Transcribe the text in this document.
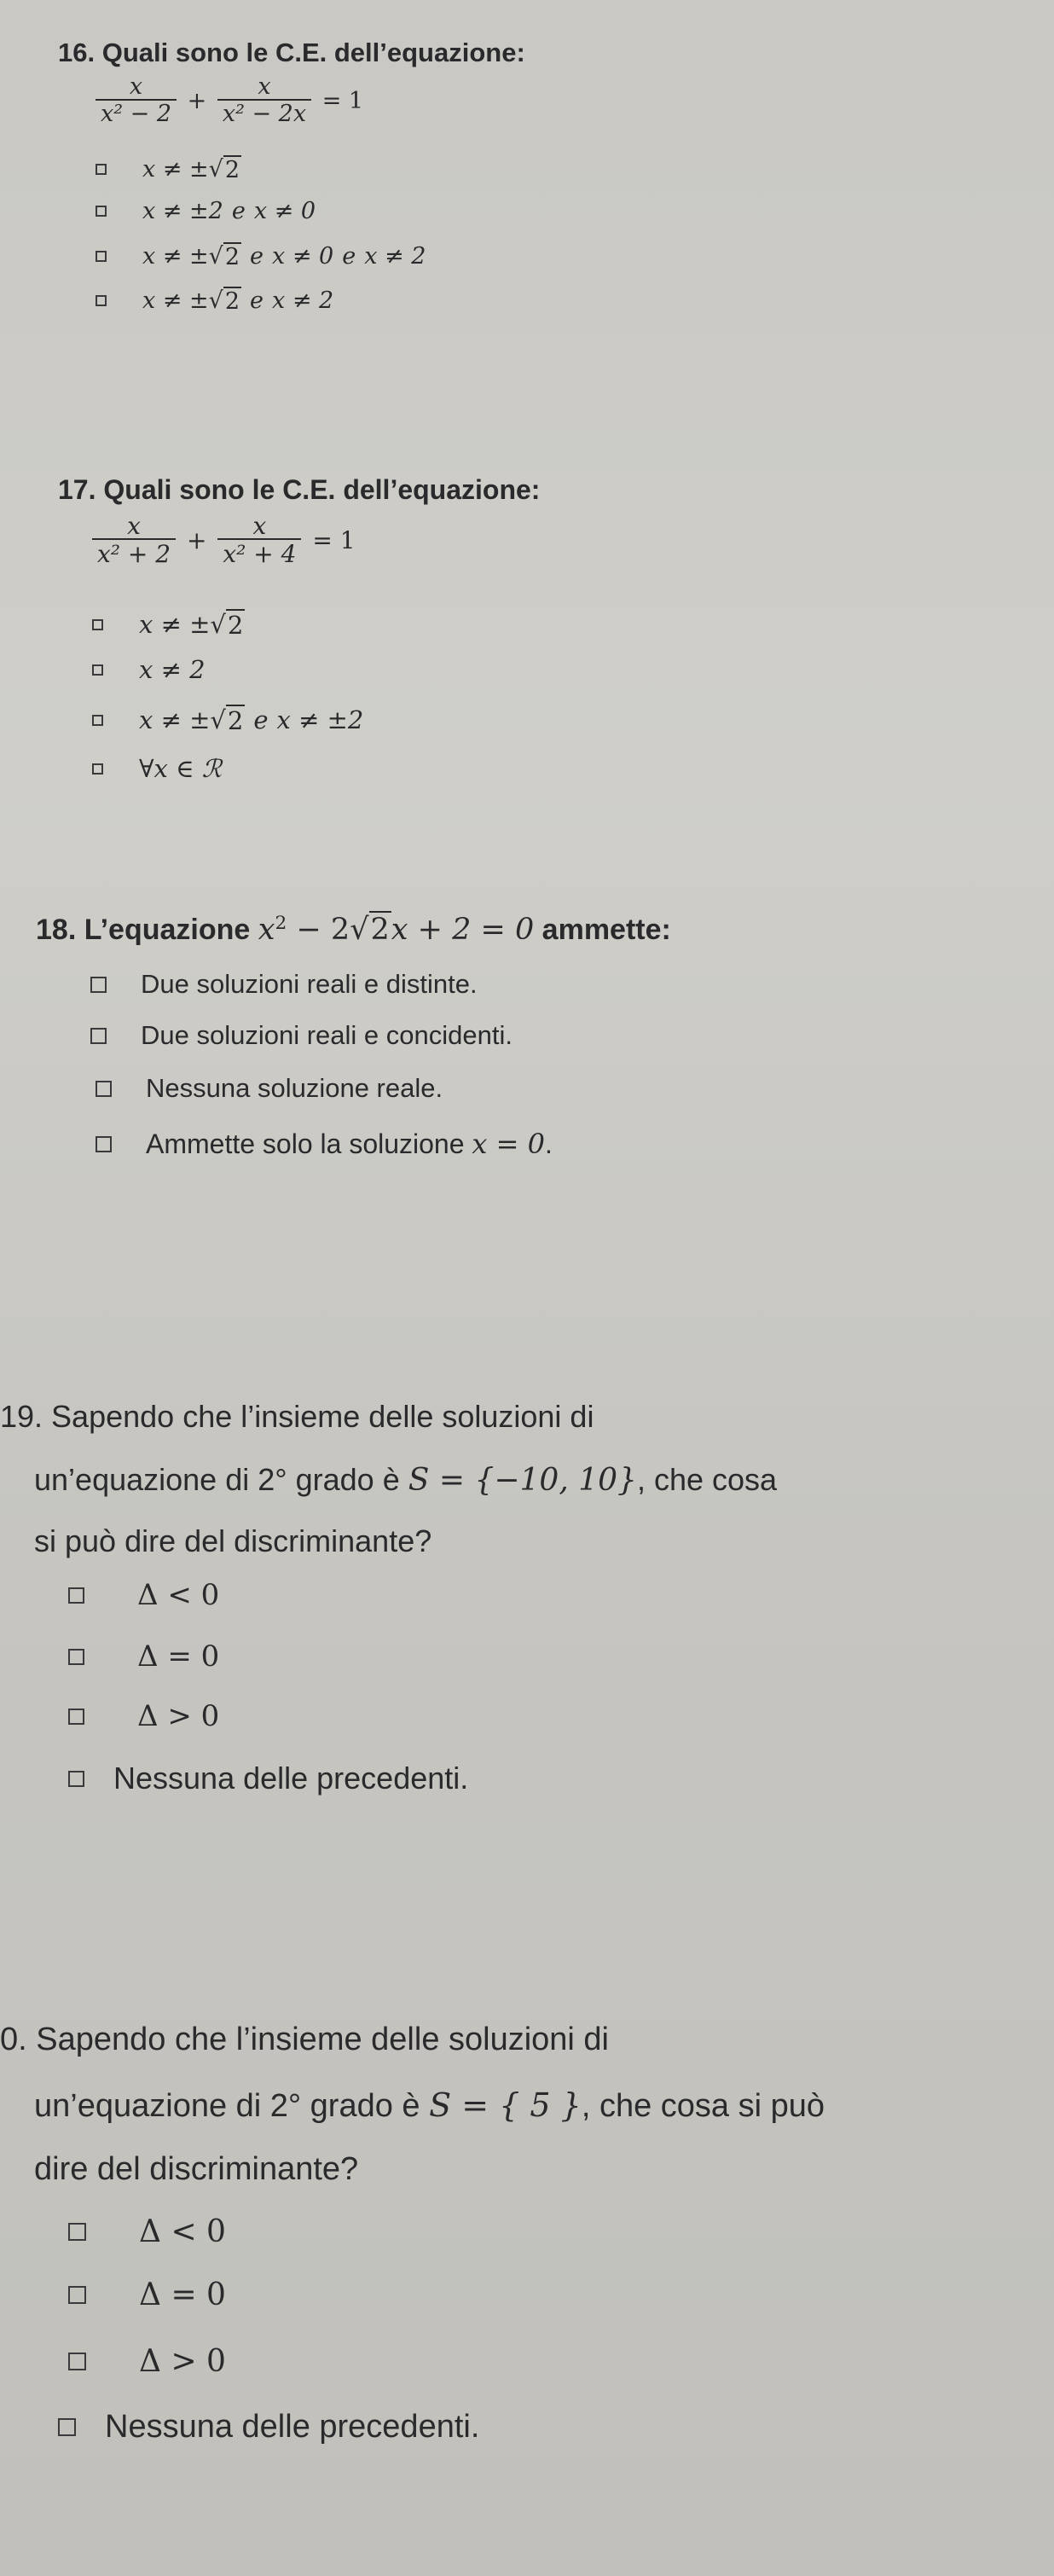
16. Quali sono le C.E. dell’equazione:
$\frac{x}{\text{x² − 2}} + \frac{x}{\text{x² − 2x}} = 1$
x ≠ ± √ 2
x ≠ ±2 e x ≠ 0
x ≠ ± √ 2 e x ≠ 0 e x ≠ 2
x ≠ ± √ 2 e x ≠ 2
17. Quali sono le C.E. dell’equazione:
$\frac{x}{\text{x² + 2}} + \frac{x}{\text{x² + 4}} = 1$
x ≠ ± √ 2
x ≠ 2
x ≠ ± √ 2 e x ≠ ±2
∀x ∈ ℛ
18. L’equazione $x^2 - 2√2x + 2 = 0$ ammette:
Due soluzioni reali e distinte.
Due soluzioni reali e concidenti.
Nessuna soluzione reale.
Ammette solo la soluzione
x = 0 .
19. Sapendo che l’insieme delle soluzioni di
un’equazione di 2° grado è S = {−10, 10}, che cosa
si può dire del discriminante?
Δ < 0
Δ = 0
Δ > 0
Nessuna delle precedenti.
0. Sapendo che l’insieme delle soluzioni di
un’equazione di 2° grado è S = { 5 }, che cosa si può
dire del discriminante?
Δ < 0
Δ = 0
Δ > 0
Nessuna delle precedenti.
